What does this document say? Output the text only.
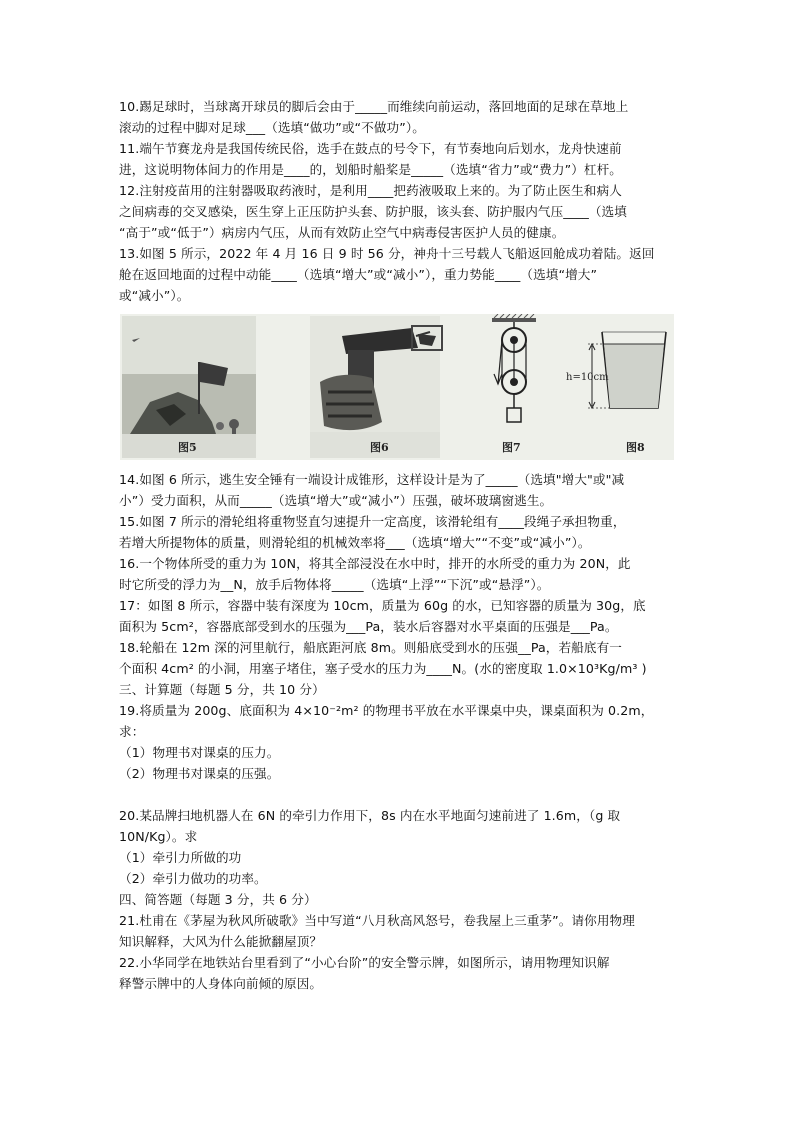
10.踢足球时，当球离开球员的脚后会由于_____而维续向前运动，落回地面的足球在草地上
滚动的过程中脚对足球___（选填“做功”或“不做功”）。
11.端午节赛龙舟是我国传统民俗，选手在鼓点的号令下，有节奏地向后划水，龙舟快速前
进，这说明物体间力的作用是____的，划船时船桨是_____（选填“省力”或“费力”）杠杆。
12.注射疫苗用的注射器吸取药液时，是利用____把药液吸取上来的。为了防止医生和病人
之间病毒的交叉感染，医生穿上正压防护头套、防护服，该头套、防护服内气压____（选填
“高于”或“低于”）病房内气压，从而有效防止空气中病毒侵害医护人员的健康。
13.如图 5 所示，2022 年 4 月 16 日 9 时 56 分，神舟十三号载人飞船返回舱成功着陆。返回
舱在返回地面的过程中动能____（选填“增大”或“减小”），重力势能____（选填“增大”
或“减小”）。
图5	图6	图7
h=10cm
图8
14.如图 6 所示，逃生安全锤有一端设计成锥形，这样设计是为了_____（选填"增大"或"减
小”）受力面积，从而_____（选填“增大”或“减小”）压强，破坏玻璃窗逃生。
15.如图 7 所示的滑轮组将重物竖直匀速提升一定高度，该滑轮组有____段绳子承担物重，
若增大所提物体的质量，则滑轮组的机械效率将___（选填“增大”“不变”或“减小”）。
16.一个物体所受的重力为 10N，将其全部浸没在水中时，排开的水所受的重力为 20N，此
时它所受的浮力为__N，放手后物体将_____（选填“上浮”“下沉”或“悬浮”）。
17：如图 8 所示，容器中装有深度为 10cm，质量为 60g 的水，已知容器的质量为 30g，底
面积为 5cm²，容器底部受到水的压强为___Pa，装水后容器对水平桌面的压强是___Pa。
18.轮船在 12m 深的河里航行，船底距河底 8m。则船底受到水的压强__Pa，若船底有一
个面积 4cm² 的小洞，用塞子堵住，塞子受水的压力为____N。(水的密度取 1.0×10³Kg/m³ )
三、计算题（每题 5 分，共 10 分）
19.将质量为 200g、底面积为 4×10⁻²m² 的物理书平放在水平课桌中央，课桌面积为 0.2m，
求：
（1）物理书对课桌的压力。
（2）物理书对课桌的压强。
20.某品牌扫地机器人在 6N 的牵引力作用下，8s 内在水平地面匀速前进了 1.6m，（g 取
10N/Kg）。求
（1）牵引力所做的功
（2）牵引力做功的功率。
四、简答题（每题 3 分，共 6 分）
21.杜甫在《茅屋为秋风所破歌》当中写道“八月秋高风怒号，卷我屋上三重茅”。请你用物理
知识解释，大风为什么能掀翻屋顶？
22.小华同学在地铁站台里看到了“小心台阶”的安全警示牌，如图所示，请用物理知识解
释警示牌中的人身体向前倾的原因。
